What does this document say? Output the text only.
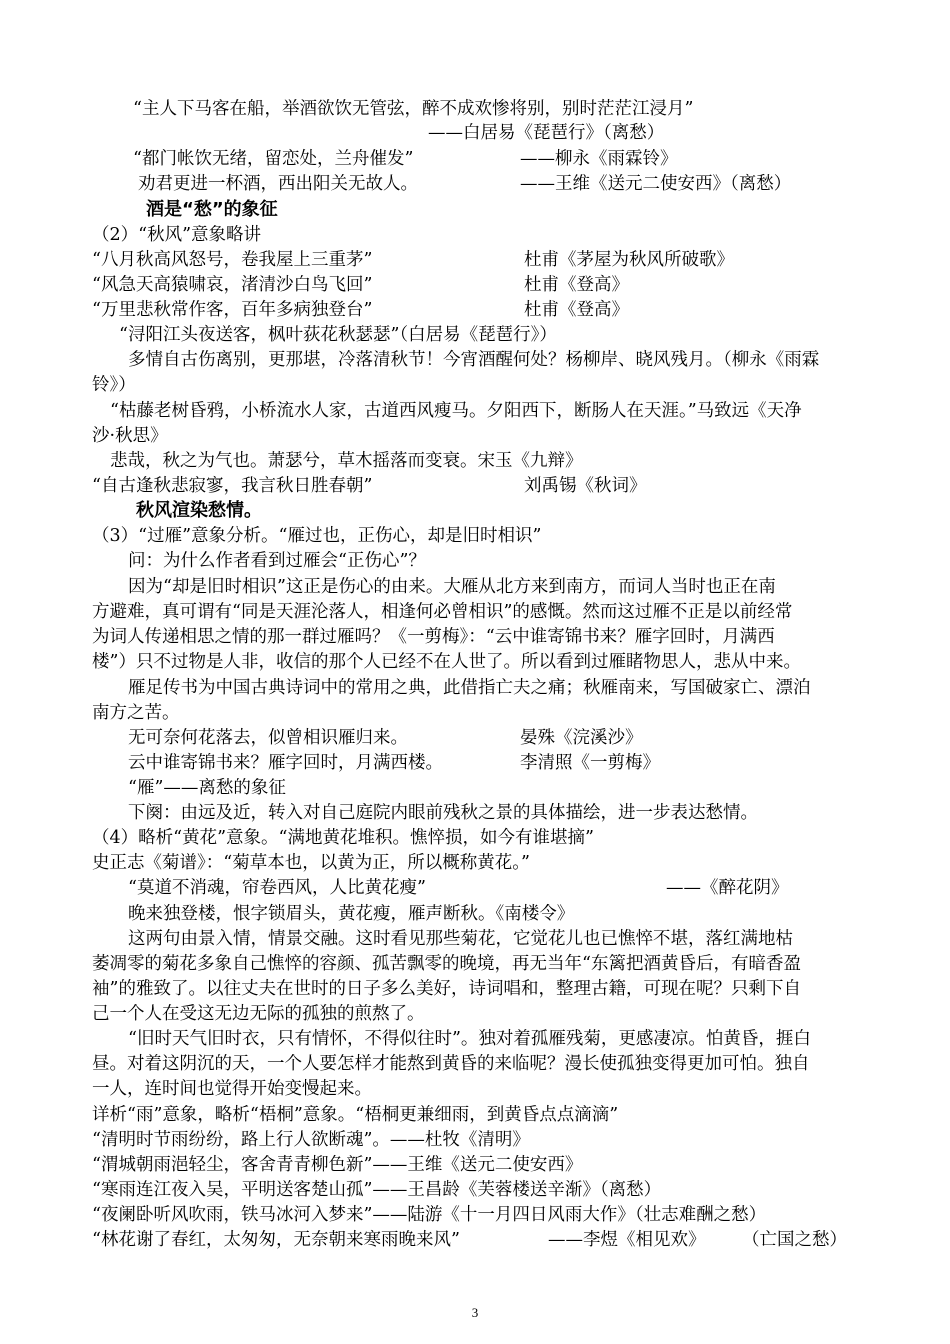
“主人下马客在船，举酒欲饮无管弦，醉不成欢惨将别，别时茫茫江浸月”
——白居易《琵琶行》（离愁）
“都门帐饮无绪，留恋处，兰舟催发”	——柳永《雨霖铃》
劝君更进一杯酒，西出阳关无故人。	——王维《送元二使安西》（离愁）
酒是“愁”的象征
（2）“秋风”意象略讲
“八月秋高风怒号，卷我屋上三重茅”	杜甫《茅屋为秋风所破歌》
“风急天高猿啸哀，渚清沙白鸟飞回”	杜甫《登高》
“万里悲秋常作客，百年多病独登台”	杜甫《登高》
“浔阳江头夜送客，枫叶荻花秋瑟瑟”（白居易《琵琶行》）
多情自古伤离别，更那堪，冷落清秋节！今宵酒醒何处？杨柳岸、晓风残月。（柳永《雨霖
铃》）
“枯藤老树昏鸦，小桥流水人家，古道西风瘦马。夕阳西下，断肠人在天涯。”马致远《天净
沙·秋思》
悲哉，秋之为气也。萧瑟兮，草木摇落而变衰。宋玉《九辩》
“自古逢秋悲寂寥，我言秋日胜春朝”	刘禹锡《秋词》
秋风渲染愁情。
（3）“过雁”意象分析。“雁过也，正伤心，却是旧时相识”
问：为什么作者看到过雁会“正伤心”？
因为“却是旧时相识”这正是伤心的由来。大雁从北方来到南方，而词人当时也正在南
方避难，真可谓有“同是天涯沦落人，相逢何必曾相识”的感慨。然而这过雁不正是以前经常
为词人传递相思之情的那一群过雁吗？《一剪梅》：“云中谁寄锦书来？雁字回时，月满西
楼”）只不过物是人非，收信的那个人已经不在人世了。所以看到过雁睹物思人，悲从中来。
雁足传书为中国古典诗词中的常用之典，此借指亡夫之痛；秋雁南来，写国破家亡、漂泊
南方之苦。
无可奈何花落去，似曾相识雁归来。	晏殊《浣溪沙》
云中谁寄锦书来？雁字回时，月满西楼。	李清照《一剪梅》
“雁”——离愁的象征
下阕：由远及近，转入对自己庭院内眼前残秋之景的具体描绘，进一步表达愁情。
（4）略析“黄花”意象。“满地黄花堆积。憔悴损，如今有谁堪摘”
史正志《菊谱》：“菊草本也，以黄为正，所以概称黄花。”
“莫道不消魂，帘卷西风，人比黄花瘦”	——《醉花阴》
晚来独登楼，恨字锁眉头，黄花瘦，雁声断秋。《南楼令》
这两句由景入情，情景交融。这时看见那些菊花，它觉花儿也已憔悴不堪，落红满地枯
萎凋零的菊花多象自己憔悴的容颜、孤苦飘零的晚境，再无当年“东篱把酒黄昏后，有暗香盈
袖”的雅致了。以往丈夫在世时的日子多么美好，诗词唱和，整理古籍，可现在呢？只剩下自
己一个人在受这无边无际的孤独的煎熬了。
“旧时天气旧时衣，只有情怀，不得似往时”。独对着孤雁残菊，更感凄凉。怕黄昏，捱白
昼。对着这阴沉的天，一个人要怎样才能熬到黄昏的来临呢？漫长使孤独变得更加可怕。独自
一人，连时间也觉得开始变慢起来。
详析“雨”意象，略析“梧桐”意象。“梧桐更兼细雨，到黄昏点点滴滴”
“清明时节雨纷纷，路上行人欲断魂”。——杜牧《清明》
“渭城朝雨浥轻尘，客舍青青柳色新”——王维《送元二使安西》
“寒雨连江夜入吴，平明送客楚山孤”——王昌龄《芙蓉楼送辛渐》（离愁）
“夜阑卧听风吹雨，铁马冰河入梦来”——陆游《十一月四日风雨大作》（壮志难酬之愁）
“林花谢了春红，太匆匆，无奈朝来寒雨晚来风”	——李煜《相见欢》 （亡国之愁）
3
